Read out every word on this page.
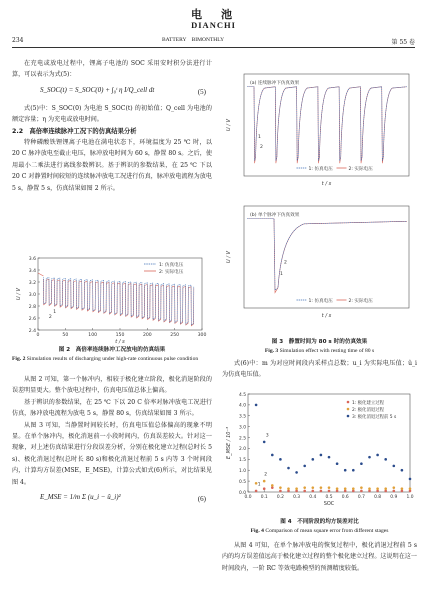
电　池
DIANCHI
234	BATTERY BIMONTHLY	第 55 卷

在充电或放电过程中，锂离子电池的 SOC 采用安时积分法进行计算，可以表示为式(5)：

S_SOC(t) = S_SOC(0) + ∫₀ᵗ η I/Q_cell dt	(5)

式(5)中：S_SOC(0) 为电池 S_SOC(t) 的初始值；Q_cell 为电池的额定容量；η 为充电或放电时间。

2.2　高倍率连续脉冲工况下的仿真结果分析

特种磷酸铁锂锂离子电池在满电状态下，环境温度为 25 ℃ 时，以 20 C 脉冲放电至截止电压，脉冲放电时间为 60 s，静置 80 s。之后，使用最小二乘法进行离线参数辨识。基于辨识的参数结果，在 25 ℃ 下以 20 C 对静置时间较短的连续脉冲放电工况进行仿真，脉冲放电流程为放电 5 s，静置 5 s，仿真结果如图 2 所示。

2.4
2.6
2.8
3.0
3.2
3.4
3.6
0	50	100	150	200	250	300
t / s
U / V
1: 仿真电压
2: 实际电压
1
2
图 2　高倍率连续脉冲工况放电的仿真结果
Fig. 2 Simulation results of discharging under high-rate continuous pulse condition

从图 2 可知，第一个脉冲内，相较于极化建立阶段，极化消退阶段的误差明显更大。整个放电过程中，仿真电压值总体上偏高。

基于辨识的参数结果，在 25 ℃ 下以 20 C 倍率对脉冲放电工况进行仿真，脉冲放电流程为放电 5 s，静置 80 s，仿真结果如图 3 所示。

从图 3 可知，当静置时间较长时，仿真电压值总体偏高的现象不明显。在单个脉冲内，极化消退前一小段时间内，仿真误差较大。针对这一现象，对上述仿真结果进行分段误差分析，分别在极化建立过程(总时长 5 s)、极化消退过程(总时长 80 s)和极化消退过程前 5 s 内等 3 个时间段内，计算均方误差(MSE，E_MSE)，计算公式如式(6)所示，对比结果见图 4。

E_MSE = 1/m Σ (u_i − û_i)²	(6)
(a) 连续脉冲下仿真效果
t / s
U / V
1
2
1: 仿真电压	2: 实际电压
(b) 单个脉冲下仿真效果
t / s
U / V
1
2
1: 仿真电压	2: 实际电压
图 3　静置时间为 80 s 时的仿真效果
Fig. 3 Simulation effect with resting time of 80 s

式(6)中：m 为对应时间段内采样点总数；u_i 为实际电压值；û_i 为仿真电压值。

0.0
0.5
1.0
1.5
2.0
2.5
3.0
3.5
4.0
4.5
0.0 0.1 0.2 0.3 0.4 0.5 0.6 0.7 0.8 0.9 1.0
SOC
E_MSE / 10⁻³
1: 极化建立过程
2: 极化消退过程
3: 极化消退过程前 5 s
1
2
3
图 4　不同阶段的均方误差对比
Fig. 4 Comparison of mean square error from different stages

从图 4 可知，在单个脉冲放电的恢复过程中，极化消退过程前 5 s 内的均方误差值远高于极化建立过程的整个极化建立过程。这说明在这一时间段内，一阶 RC 等效电路模型的预测精度较低。
